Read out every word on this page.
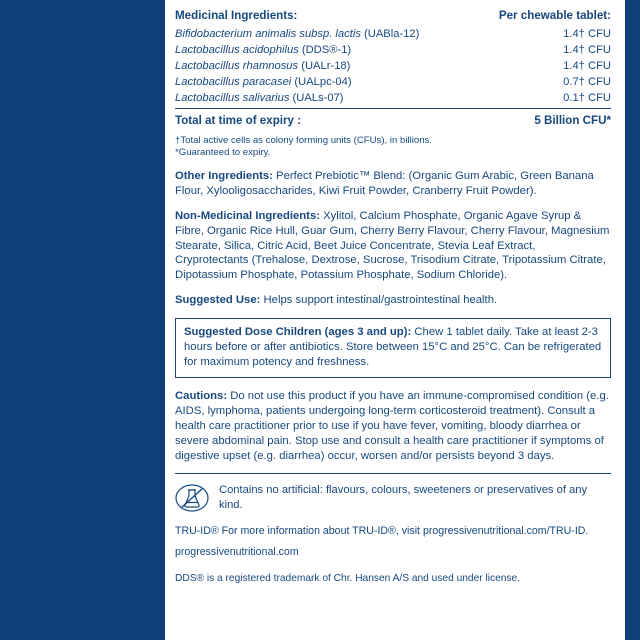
Medicinal Ingredients:	Per chewable tablet:
Bifidobacterium animalis subsp. lactis (UABla-12)	1.4† CFU
Lactobacillus acidophilus (DDS®-1)	1.4† CFU
Lactobacillus rhamnosus (UALr-18)	1.4† CFU
Lactobacillus paracasei (UALpc-04)	0.7† CFU
Lactobacillus salivarius (UALs-07)	0.1† CFU

Total at time of expiry :	5 Billion CFU*
†Total active cells as colony forming units (CFUs), in billions.
*Guaranteed to expiry.

Other Ingredients: Perfect Prebiotic™ Blend: (Organic Gum Arabic, Green Banana Flour, Xylooligosaccharides, Kiwi Fruit Powder, Cranberry Fruit Powder).

Non-Medicinal Ingredients: Xylitol, Calcium Phosphate, Organic Agave Syrup & Fibre, Organic Rice Hull, Guar Gum, Cherry Berry Flavour, Cherry Flavour, Magnesium Stearate, Silica, Citric Acid, Beet Juice Concentrate, Stevia Leaf Extract, Cryprotectants (Trehalose, Dextrose, Sucrose, Trisodium Citrate, Tripotassium Citrate, Dipotassium Phosphate, Potassium Phosphate, Sodium Chloride).

Suggested Use: Helps support intestinal/gastrointestinal health.

Suggested Dose Children (ages 3 and up): Chew 1 tablet daily. Take at least 2-3 hours before or after antibiotics. Store between 15°C and 25°C. Can be refrigerated for maximum potency and freshness.

Cautions: Do not use this product if you have an immune-compromised condition (e.g. AIDS, lymphoma, patients undergoing long-term corticosteroid treatment). Consult a health care practitioner prior to use if you have fever, vomiting, bloody diarrhea or severe abdominal pain. Stop use and consult a health care practitioner if symptoms of digestive upset (e.g. diarrhea) occur, worsen and/or persists beyond 3 days.

Contains no artificial: flavours, colours, sweeteners or preservatives of any kind.
TRU-ID® For more information about TRU-ID®, visit progressivenutritional.com/TRU-ID.
progressivenutritional.com
DDS® is a registered trademark of Chr. Hansen A/S and used under license.
